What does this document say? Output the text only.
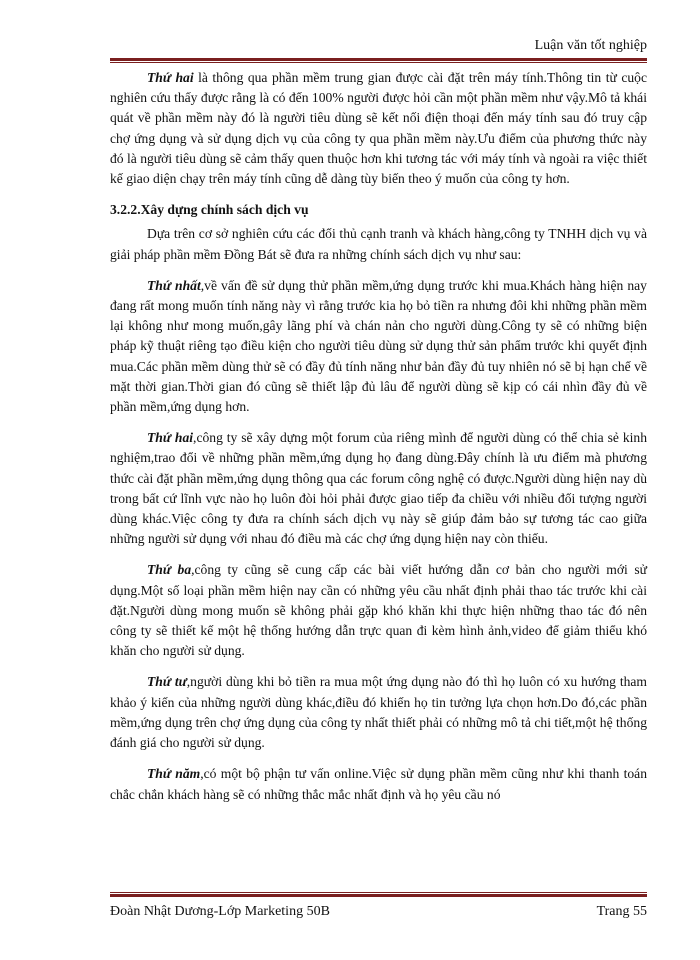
Luận văn tốt nghiệp

Thứ hai là thông qua phần mềm trung gian được cài đặt trên máy tính.Thông tin từ cuộc nghiên cứu thấy được rằng là có đến 100% người được hỏi cần một phần mềm như vậy.Mô tả khái quát về phần mềm này đó là người tiêu dùng sẽ kết nối điện thoại đến máy tính sau đó truy cập chợ ứng dụng và sử dụng dịch vụ của công ty qua phần mềm này.Ưu điểm của phương thức này đó là người tiêu dùng sẽ cảm thấy quen thuộc hơn khi tương tác với máy tính và ngoài ra việc thiết kế giao diện chạy trên máy tính cũng dễ dàng tùy biến theo ý muốn của công ty hơn.

3.2.2.Xây dựng chính sách dịch vụ

Dựa trên cơ sở nghiên cứu các đối thủ cạnh tranh và khách hàng,công ty TNHH dịch vụ và giải pháp phần mềm Đồng Bát sẽ đưa ra những chính sách dịch vụ như sau:

Thứ nhất,về vấn đề sử dụng thử phần mềm,ứng dụng trước khi mua.Khách hàng hiện nay đang rất mong muốn tính năng này vì rằng trước kia họ bỏ tiền ra nhưng đôi khi những phần mềm lại không như mong muốn,gây lãng phí và chán nản cho người dùng.Công ty sẽ có những biện pháp kỹ thuật riêng tạo điều kiện cho người tiêu dùng sử dụng thử sản phẩm trước khi quyết định mua.Các phần mềm dùng thử sẽ có đầy đủ tính năng như bản đầy đủ tuy nhiên nó sẽ bị hạn chế về mặt thời gian.Thời gian đó cũng sẽ thiết lập đủ lâu để người dùng sẽ kịp có cái nhìn đầy đủ về phần mềm,ứng dụng hơn.

Thứ hai,công ty sẽ xây dựng một forum của riêng mình để người dùng có thể chia sẻ kinh nghiệm,trao đổi về những phần mềm,ứng dụng họ đang dùng.Đây chính là ưu điểm mà phương thức cài đặt phần mềm,ứng dụng thông qua các forum công nghệ có được.Người dùng hiện nay dù trong bất cứ lĩnh vực nào họ luôn đòi hỏi phải được giao tiếp đa chiều với nhiều đối tượng người dùng khác.Việc công ty đưa ra chính sách dịch vụ này sẽ giúp đảm bảo sự tương tác cao giữa những người sử dụng với nhau đó điều mà các chợ ứng dụng hiện nay còn thiếu.

Thứ ba,công ty cũng sẽ cung cấp các bài viết hướng dẫn cơ bản cho người mới sử dụng.Một số loại phần mềm hiện nay cần có những yêu cầu nhất định phải thao tác trước khi cài đặt.Người dùng mong muốn sẽ không phải gặp khó khăn khi thực hiện những thao tác đó nên công ty sẽ thiết kế một hệ thống hướng dẫn trực quan đi kèm hình ảnh,video để giảm thiểu khó khăn cho người sử dụng.

Thứ tư,người dùng khi bỏ tiền ra mua một ứng dụng nào đó thì họ luôn có xu hướng tham khảo ý kiến của những người dùng khác,điều đó khiến họ tin tưởng lựa chọn hơn.Do đó,các phần mềm,ứng dụng trên chợ ứng dụng của công ty nhất thiết phải có những mô tả chi tiết,một hệ thống đánh giá cho người sử dụng.

Thứ năm,có một bộ phận tư vấn online.Việc sử dụng phần mềm cũng như khi thanh toán chắc chắn khách hàng sẽ có những thắc mắc nhất định và họ yêu cầu nó

Đoàn Nhật Dương-Lớp Marketing 50B	Trang 55
